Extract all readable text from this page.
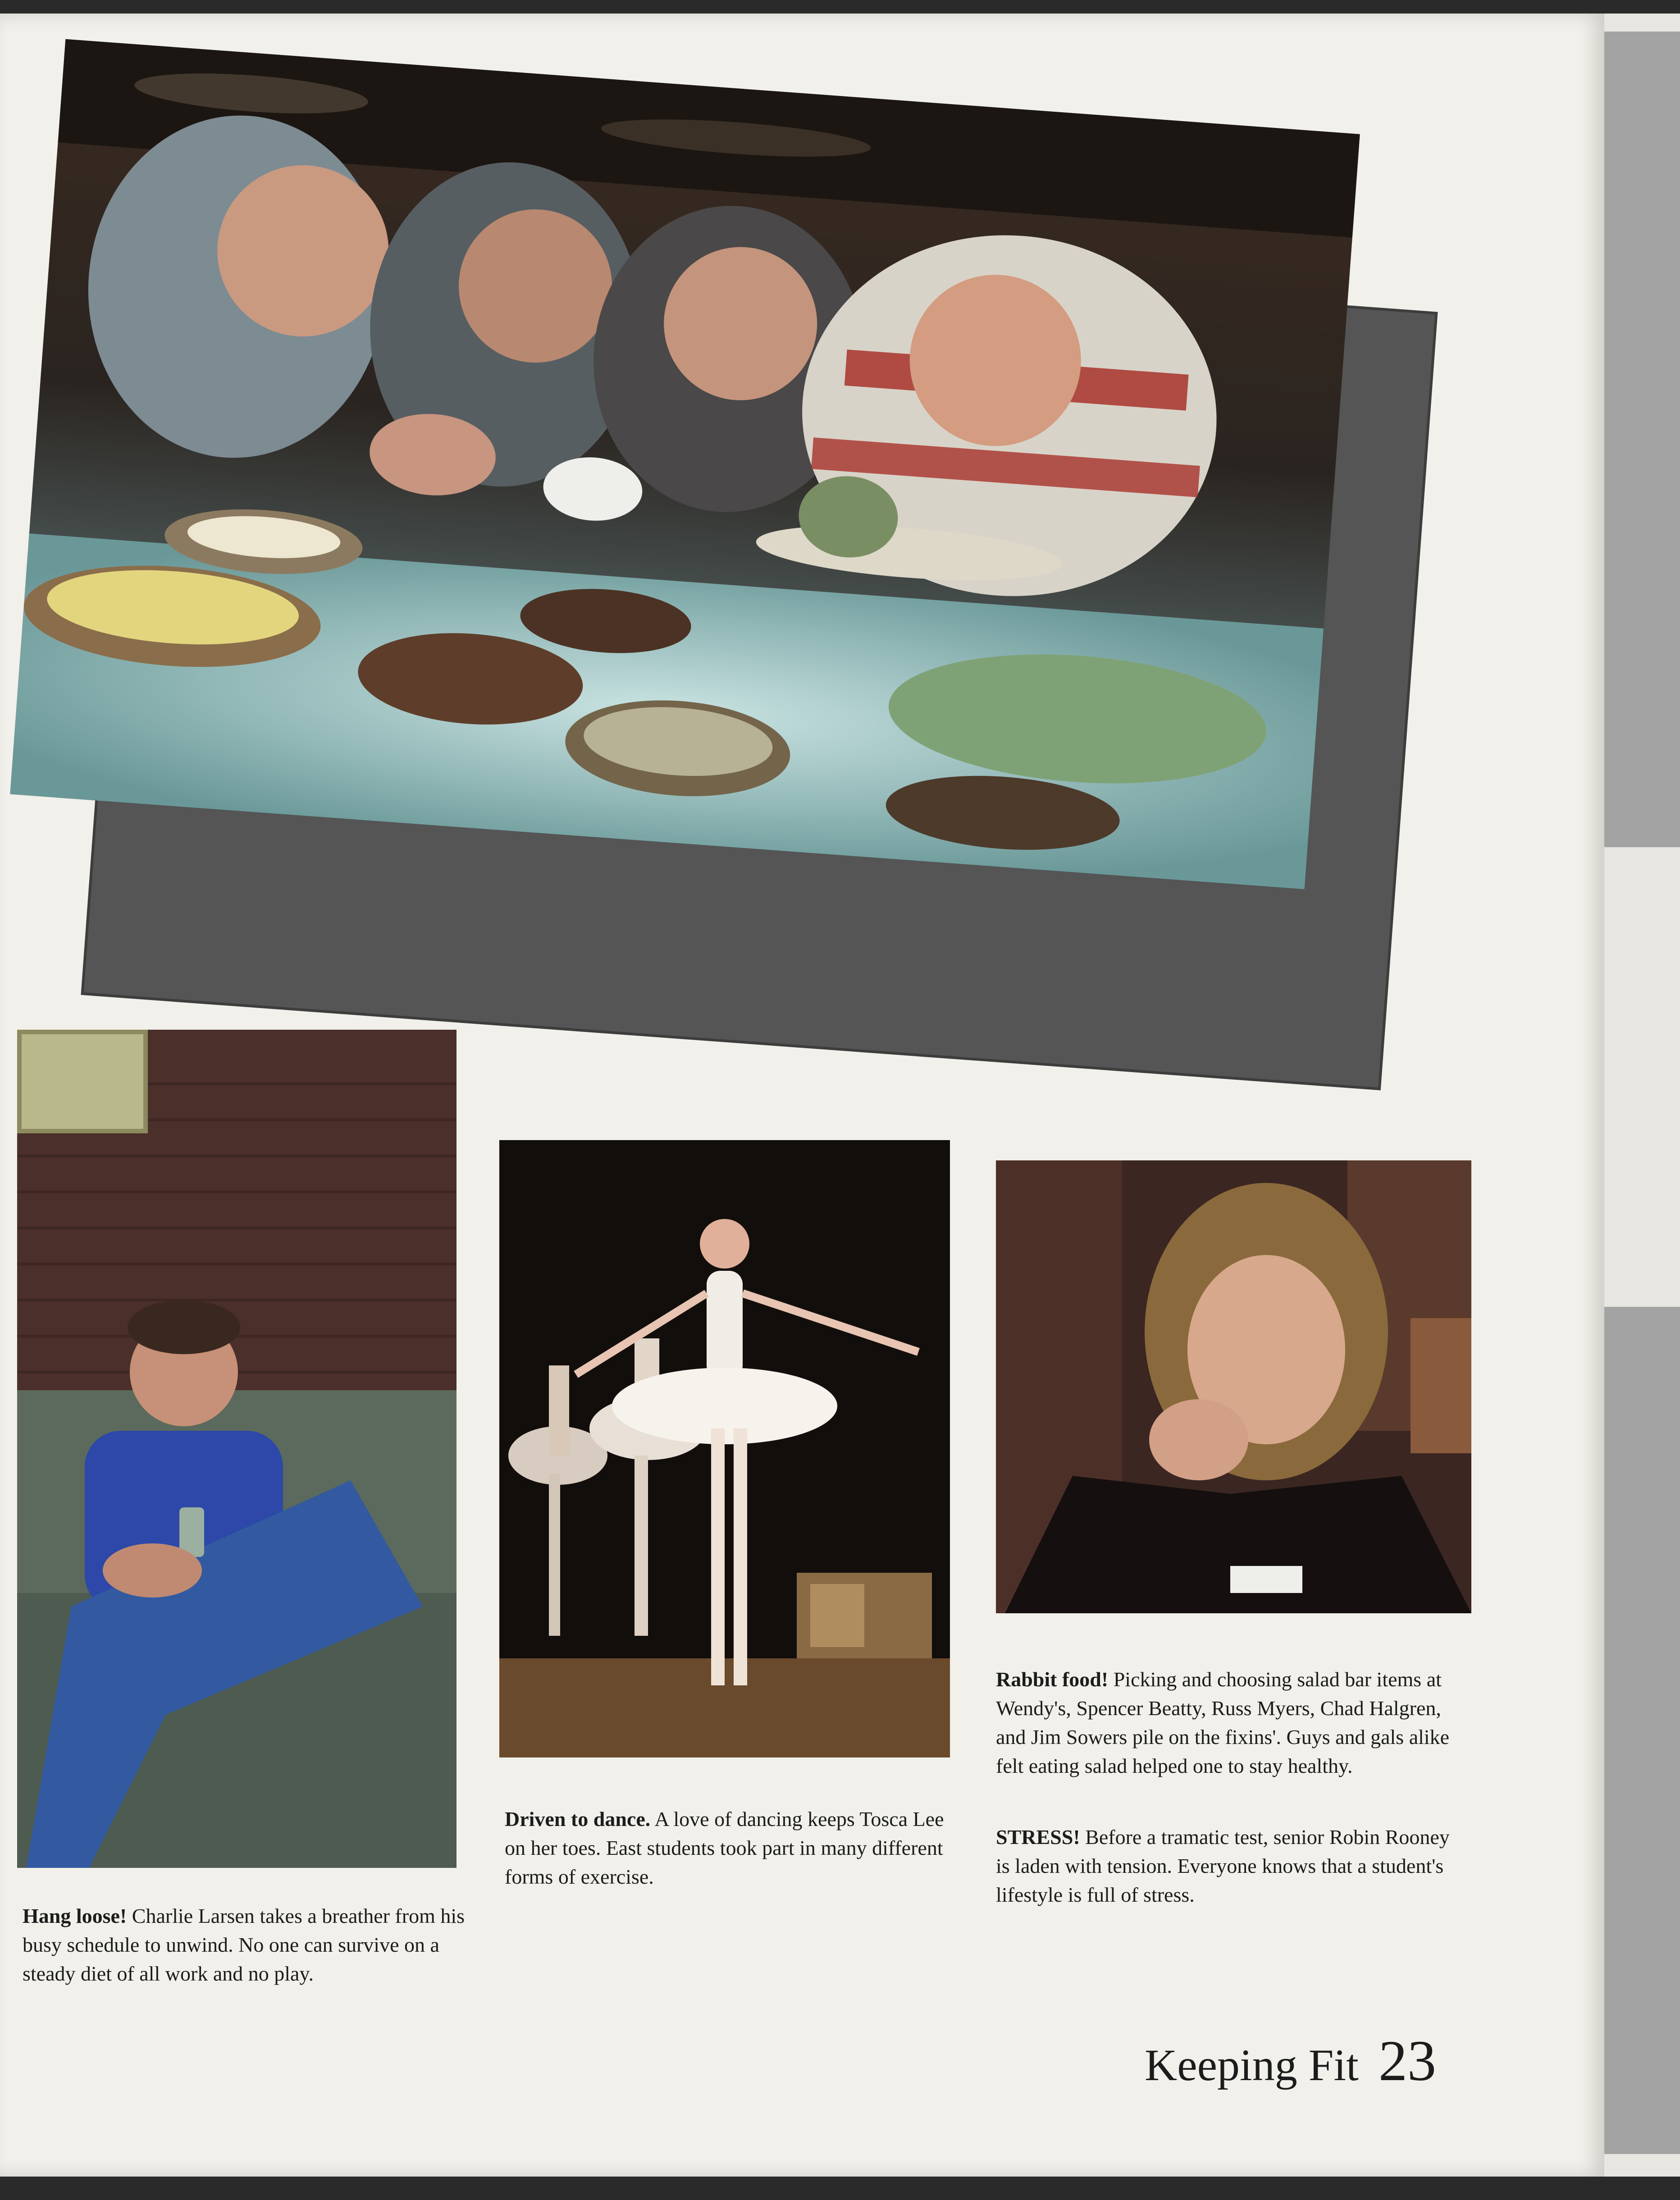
Hang loose! Charlie Larsen takes a breather from his busy schedule to unwind. No one can survive on a steady diet of all work and no play.
Driven to dance. A love of dancing keeps Tosca Lee on her toes. East students took part in many different forms of exercise.
Rabbit food! Picking and choosing salad bar items at Wendy's, Spencer Beatty, Russ Myers, Chad Halgren, and Jim Sowers pile on the fixins'. Guys and gals alike felt eating salad helped one to stay healthy.
STRESS! Before a tramatic test, senior Robin Rooney is laden with tension. Everyone knows that a student's lifestyle is full of stress.
Keeping Fit 23
